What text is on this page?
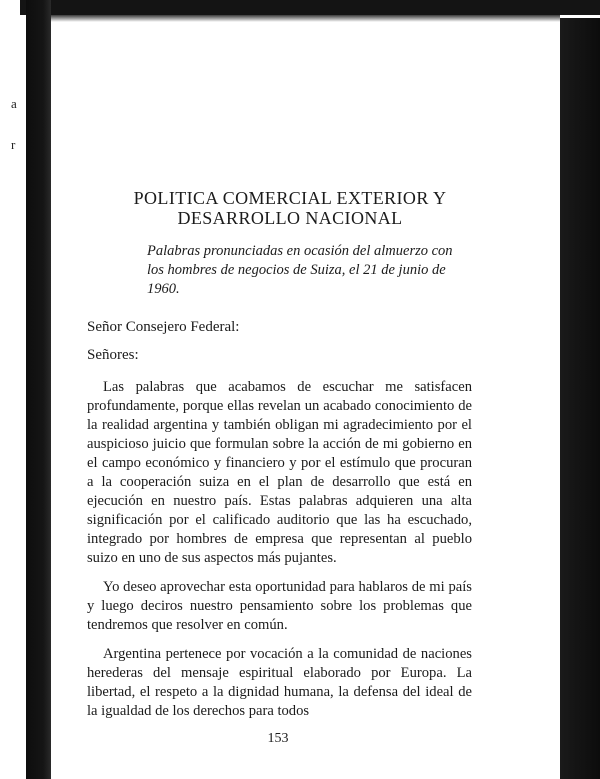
a
r
POLITICA COMERCIAL EXTERIOR Y
DESARROLLO NACIONAL

Palabras pronunciadas en ocasión del almuerzo con los hombres de negocios de Suiza, el 21 de junio de 1960.

Señor Consejero Federal:

Señores:

Las palabras que acabamos de escuchar me satisfacen profundamente, porque ellas revelan un acabado conocimiento de la realidad argentina y también obligan mi agradecimiento por el auspicioso juicio que formulan sobre la acción de mi gobierno en el campo económico y financiero y por el estímulo que procuran a la cooperación suiza en el plan de desarrollo que está en ejecución en nuestro país. Estas palabras adquieren una alta significación por el calificado auditorio que las ha escuchado, integrado por hombres de empresa que representan al pueblo suizo en uno de sus aspectos más pujantes.

Yo deseo aprovechar esta oportunidad para hablaros de mi país y luego deciros nuestro pensamiento sobre los problemas que tendremos que resolver en común.

Argentina pertenece por vocación a la comunidad de naciones herederas del mensaje espiritual elaborado por Europa. La libertad, el respeto a la dignidad humana, la defensa del ideal de la igualdad de los derechos para todos

153
